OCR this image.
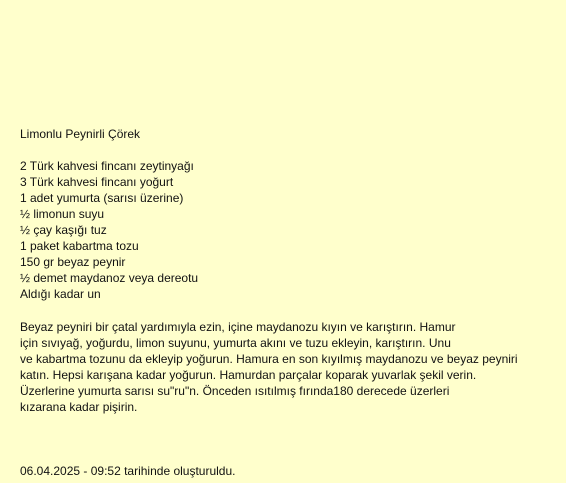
Limonlu Peynirli Çörek
2 Türk kahvesi fincanı zeytinyağı
3 Türk kahvesi fincanı yoğurt
1 adet yumurta (sarısı üzerine)
½ limonun suyu
½ çay kaşığı tuz
1 paket kabartma tozu
150 gr beyaz peynir
½ demet maydanoz veya dereotu
Aldığı kadar un
Beyaz peyniri bir çatal yardımıyla ezin, içine maydanozu kıyın ve karıştırın. Hamur
için sıvıyağ, yoğurdu, limon suyunu, yumurta akını ve tuzu ekleyin, karıştırın. Unu
ve kabartma tozunu da ekleyip yoğurun. Hamura en son kıyılmış maydanozu ve beyaz peyniri
katın. Hepsi karışana kadar yoğurun. Hamurdan parçalar koparak yuvarlak şekil verin.
Üzerlerine yumurta sarısı su"ru"n. Önceden ısıtılmış fırında180 derecede üzerleri
kızarana kadar pişirin.
06.04.2025 - 09:52 tarihinde oluşturuldu.
